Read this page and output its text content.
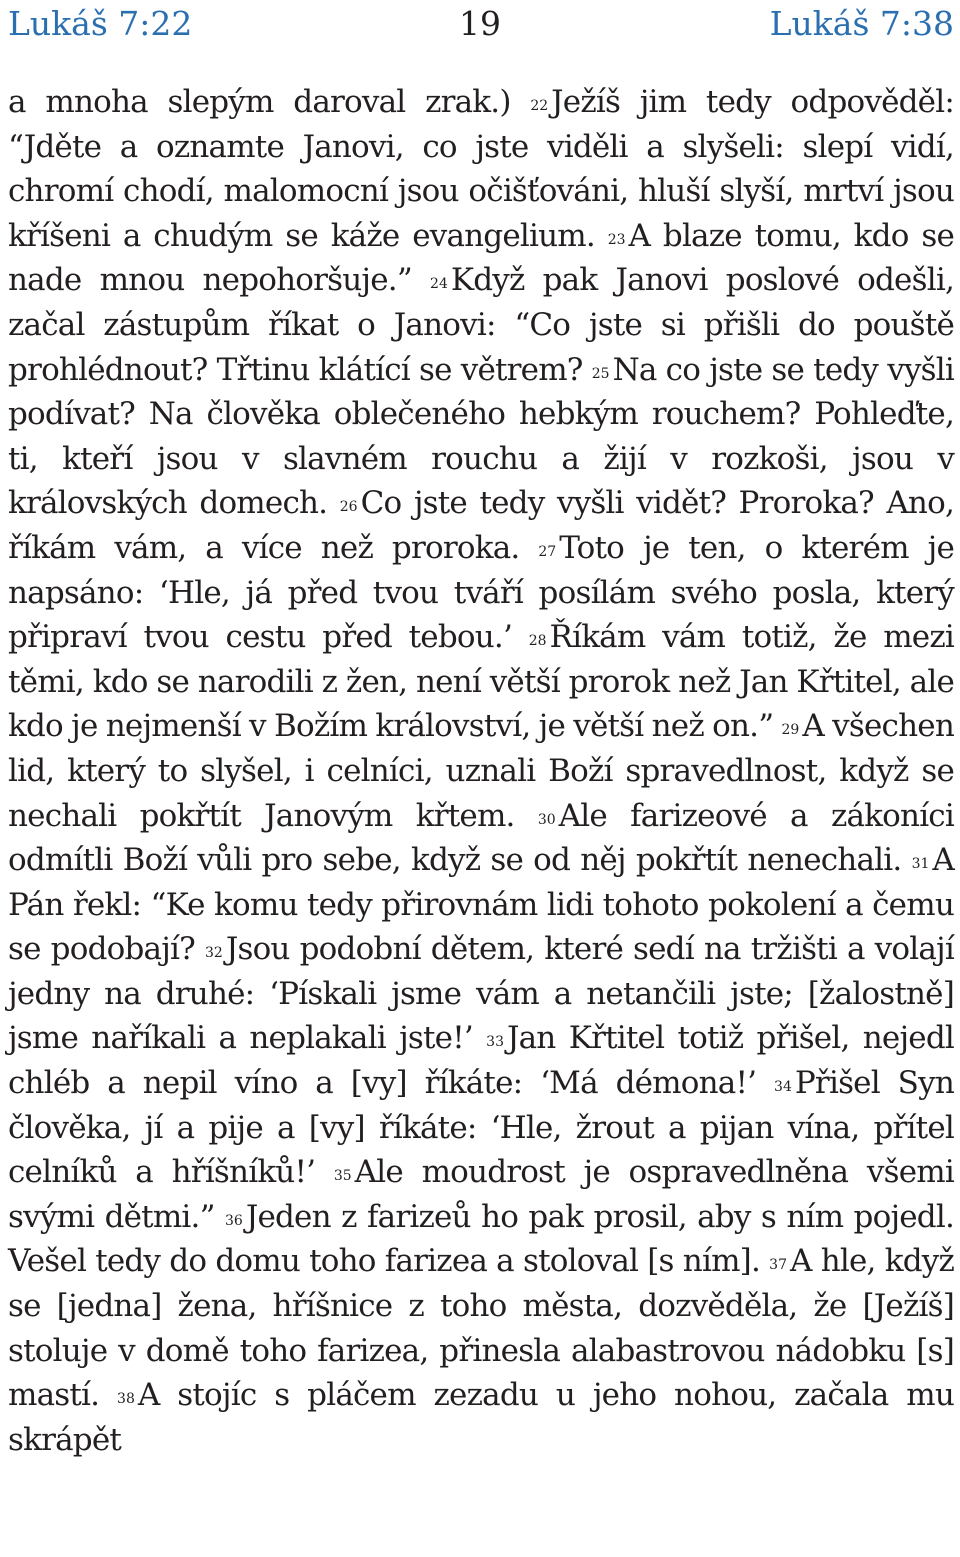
19
Lukáš 7:22	Lukáš 7:38
a mnoha slepým daroval zrak.) $^{22}$Ježíš jim tedy odpověděl: “Jděte a oznamte Janovi, co jste viděli a slyšeli: slepí vidí, chromí chodí, malomocní jsou očišťováni, hluší slyší, mrtví jsou kříšeni a chudým se káže evangelium. $^{23}$A blaze tomu, kdo se nade mnou nepohoršuje.” $^{24}$Když pak Janovi poslové odešli, začal zástupům říkat o Janovi: “Co jste si přišli do pouště prohlédnout? Třtinu klátící se větrem? $^{25}$Na co jste se tedy vyšli podívat? Na člověka oblečeného hebkým rouchem? Pohleďte, ti, kteří jsou v slavném rouchu a žijí v rozkoši, jsou v královských domech. $^{26}$Co jste tedy vyšli vidět? Proroka? Ano, říkám vám, a více než proroka. $^{27}$Toto je ten, o kterém je napsáno: ‘Hle, já před tvou tváří posílám svého posla, který připraví tvou cestu před tebou.’ $^{28}$Říkám vám totiž, že mezi těmi, kdo se narodili z žen, není větší prorok než Jan Křtitel, ale kdo je nejmenší v Božím království, je větší než on.” $^{29}$A všechen lid, který to slyšel, i celníci, uznali Boží spravedlnost, když se nechali pokřtít Janovým křtem. $^{30}$Ale farizeové a zákoníci odmítli Boží vůli pro sebe, když se od něj pokřtít nenechali. $^{31}$A Pán řekl: “Ke komu tedy přirovnám lidi tohoto pokolení a čemu se podobají? $^{32}$Jsou podobní dětem, které sedí na tržišti a volají jedny na druhé: ‘Pískali jsme vám a netančili jste; [žalostně] jsme naříkali a neplakali jste!’ $^{33}$Jan Křtitel totiž přišel, nejedl chléb a nepil víno a [vy] říkáte: ‘Má démona!’ $^{34}$Přišel Syn člověka, jí a pije a [vy] říkáte: ‘Hle, žrout a pijan vína, přítel celníků a hříšníků!’ $^{35}$Ale moudrost je ospravedlněna všemi svými dětmi.” $^{36}$Jeden z farizeů ho pak prosil, aby s ním pojedl. Vešel tedy do domu toho farizea a stoloval [s ním]. $^{37}$A hle, když se [jedna] žena, hříšnice z toho města, dozvěděla, že [Ježíš] stoluje v domě toho farizea, přinesla alabastrovou nádobku [s] mastí. $^{38}$A stojíc s pláčem zezadu u jeho nohou, začala mu skrápět
